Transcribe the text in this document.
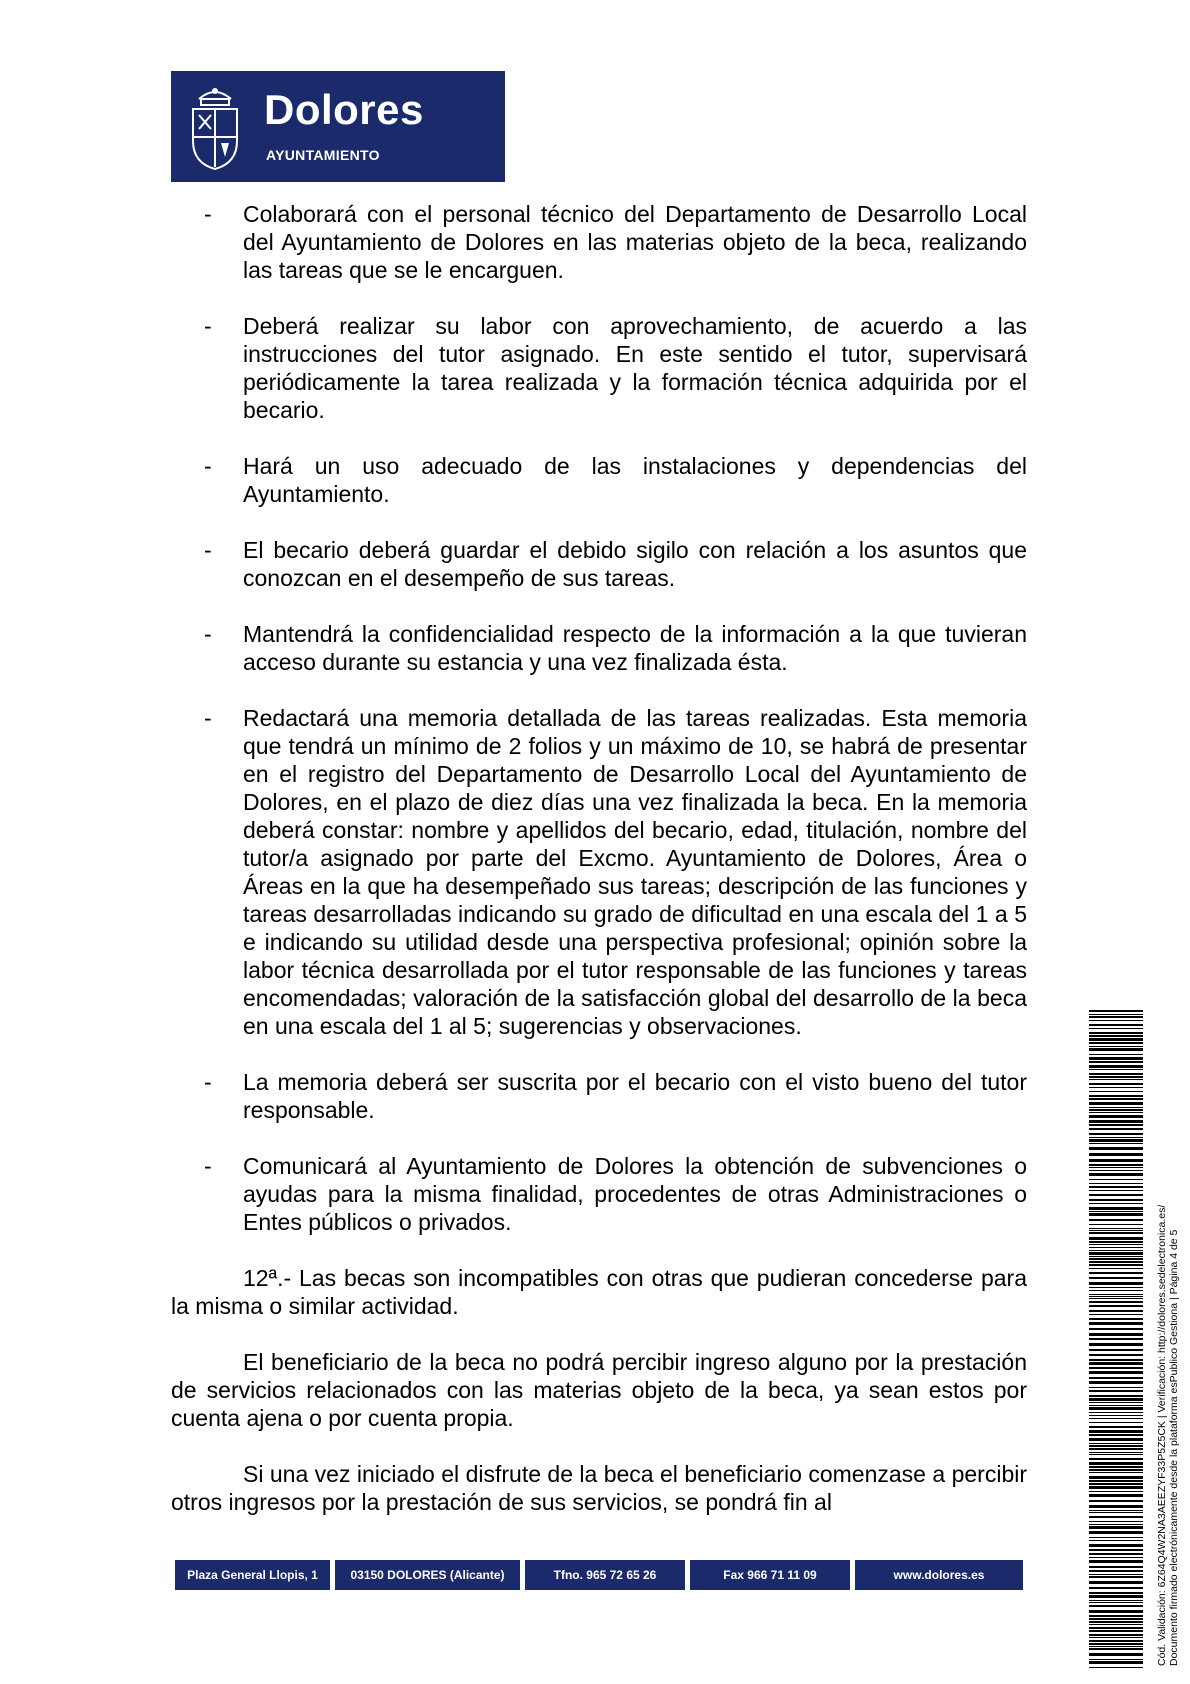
Dolores
AYUNTAMIENTO
- Colaborará con el personal técnico del Departamento de Desarrollo Local del Ayuntamiento de Dolores en las materias objeto de la beca, realizando las tareas que se le encarguen.
- Deberá realizar su labor con aprovechamiento, de acuerdo a las instrucciones del tutor asignado. En este sentido el tutor, supervisará periódicamente la tarea realizada y la formación técnica adquirida por el becario.
- Hará un uso adecuado de las instalaciones y dependencias del Ayuntamiento.
- El becario deberá guardar el debido sigilo con relación a los asuntos que conozcan en el desempeño de sus tareas.
- Mantendrá la confidencialidad respecto de la información a la que tuvieran acceso durante su estancia y una vez finalizada ésta.
- Redactará una memoria detallada de las tareas realizadas. Esta memoria que tendrá un mínimo de 2 folios y un máximo de 10, se habrá de presentar en el registro del Departamento de Desarrollo Local del Ayuntamiento de Dolores, en el plazo de diez días una vez finalizada la beca. En la memoria deberá constar: nombre y apellidos del becario, edad, titulación, nombre del tutor/a asignado por parte del Excmo. Ayuntamiento de Dolores, Área o Áreas en la que ha desempeñado sus tareas; descripción de las funciones y tareas desarrolladas indicando su grado de dificultad en una escala del 1 a 5 e indicando su utilidad desde una perspectiva profesional; opinión sobre la labor técnica desarrollada por el tutor responsable de las funciones y tareas encomendadas; valoración de la satisfacción global del desarrollo de la beca en una escala del 1 al 5; sugerencias y observaciones.
- La memoria deberá ser suscrita por el becario con el visto bueno del tutor responsable.
- Comunicará al Ayuntamiento de Dolores la obtención de subvenciones o ayudas para la misma finalidad, procedentes de otras Administraciones o Entes públicos o privados.

12ª.- Las becas son incompatibles con otras que pudieran concederse para la misma o similar actividad.

El beneficiario de la beca no podrá percibir ingreso alguno por la prestación de servicios relacionados con las materias objeto de la beca, ya sean estos por cuenta ajena o por cuenta propia.

Si una vez iniciado el disfrute de la beca el beneficiario comenzase a percibir otros ingresos por la prestación de sus servicios, se pondrá fin al

Plaza General Llopis, 1	03150 DOLORES (Alicante)	Tfno. 965 72 65 26	Fax 966 71 11 09	www.dolores.es	Cód. Validación: 6Z64Q4W2NA3AEEZYF33P5Z5CK | Verificación: http://dolores.sedelectronica.es/ Documento firmado electrónicamente desde la plataforma esPublico Gestiona | Página 4 de 5
